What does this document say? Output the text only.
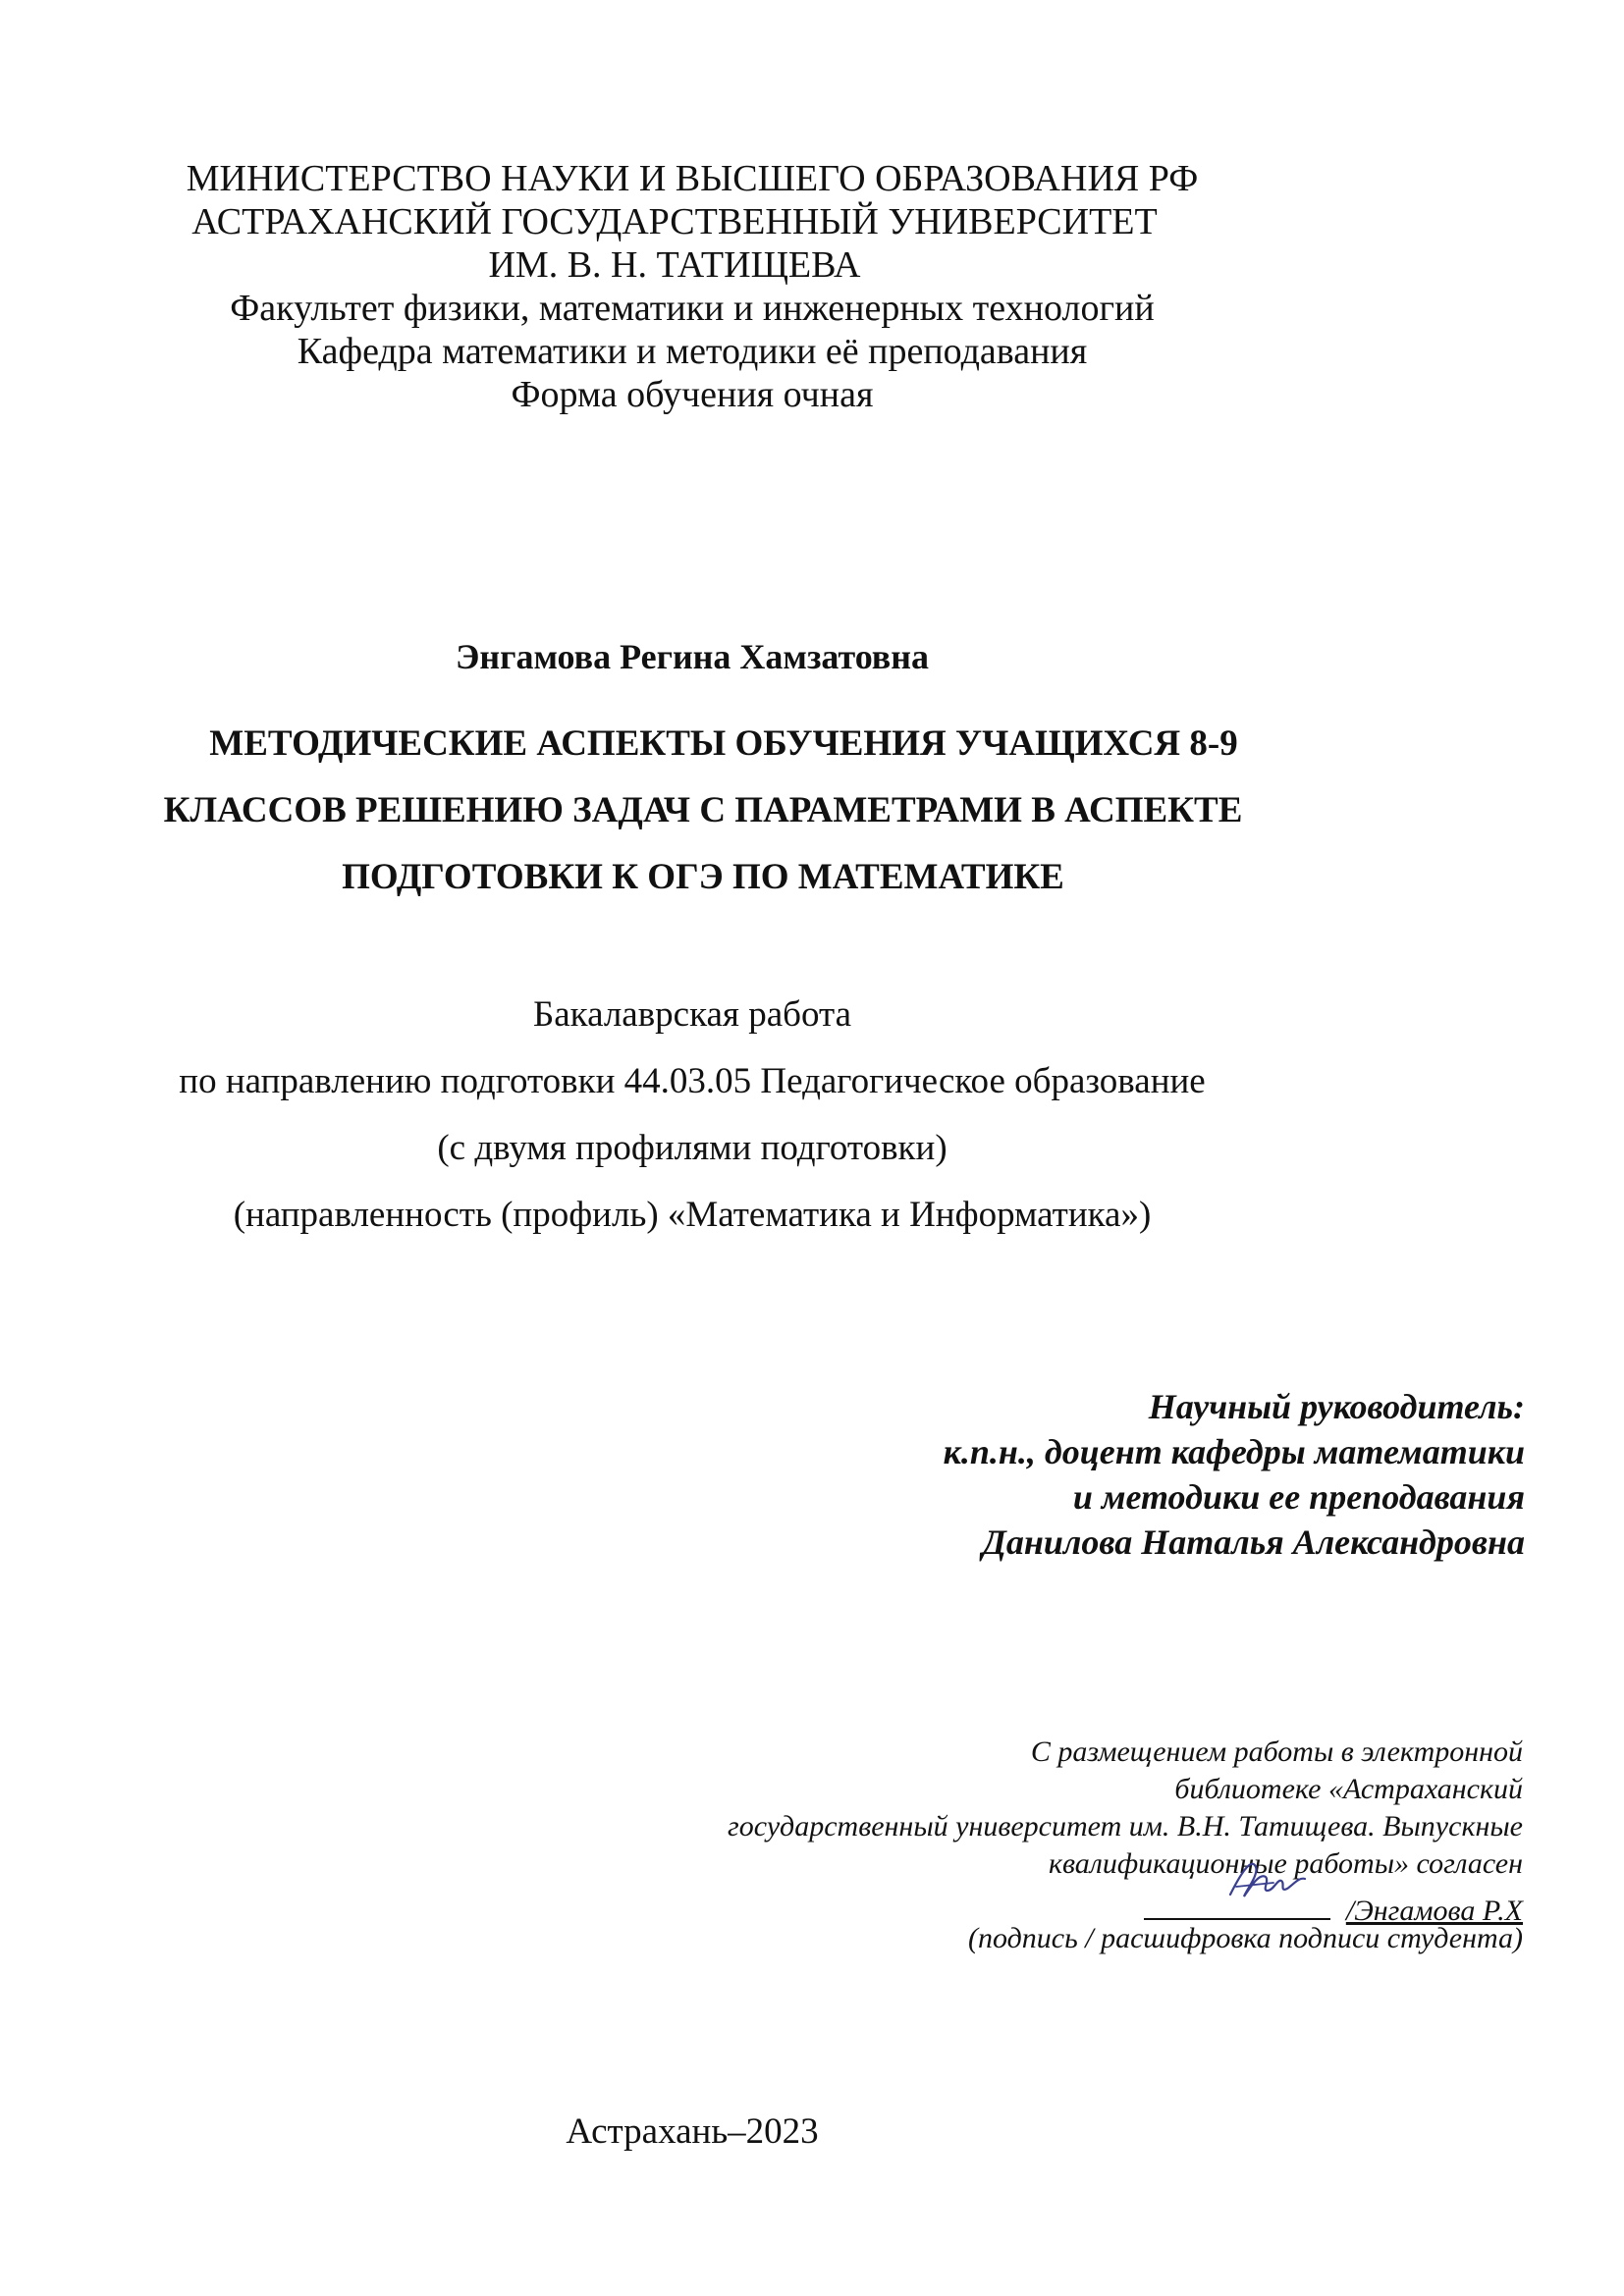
МИНИСТЕРСТВО НАУКИ И ВЫСШЕГО ОБРАЗОВАНИЯ РФ
АСТРАХАНСКИЙ ГОСУДАРСТВЕННЫЙ УНИВЕРСИТЕТ
ИМ. В. Н. ТАТИЩЕВА
Факультет физики, математики и инженерных технологий
Кафедра математики и методики её преподавания
Форма обучения очная
Энгамова Регина Хамзатовна
МЕТОДИЧЕСКИЕ АСПЕКТЫ ОБУЧЕНИЯ УЧАЩИХСЯ 8-9
КЛАССОВ РЕШЕНИЮ ЗАДАЧ С ПАРАМЕТРАМИ В АСПЕКТЕ
ПОДГОТОВКИ К ОГЭ ПО МАТЕМАТИКЕ
Бакалаврская работа
по направлению подготовки 44.03.05 Педагогическое образование
(с двумя профилями подготовки)
(направленность (профиль) «Математика и Информатика»)
Научный руководитель:
к.п.н., доцент кафедры математики
и методики ее преподавания
Данилова Наталья Александровна
С размещением работы в электронной
библиотеке «Астраханский
государственный университет им. В.Н. Татищева. Выпускные
квалификационные работы» согласен
/Энгамова Р.Х
(подпись / расшифровка подписи студента)
Астрахань–2023
